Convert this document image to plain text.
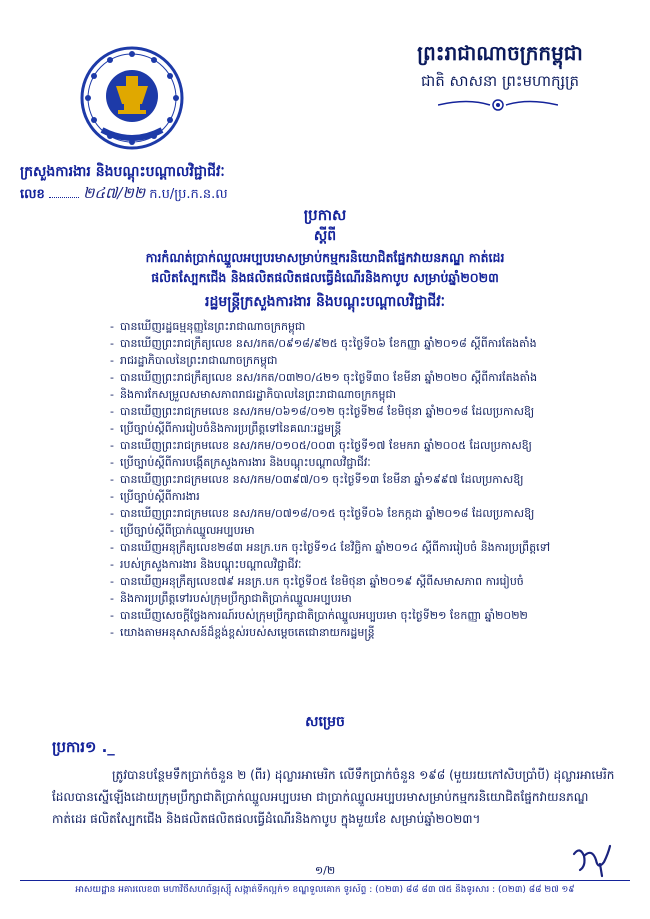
ព្រះរាជាណាចក្រកម្ពុជា
ជាតិ សាសនា ព្រះមហាក្សត្រ
ក្រសួងការងារ និងបណ្តុះបណ្តាលវិជ្ជាជីវៈ
លេខ	២៤៧/២២ ក.ប/ប្រ.ក.ន.ល
ប្រកាស
ស្តីពី
ការកំណត់ប្រាក់ឈ្នួលអប្បបរមាសម្រាប់កម្មករនិយោជិតផ្នែកវាយនភណ្ឌ កាត់ដេរ
ផលិតស្បែកជើង និងផលិតផលិតផលធ្វើដំណើរនិងកាបូប សម្រាប់ឆ្នាំ២០២៣
រដ្ឋមន្ត្រីក្រសួងការងារ និងបណ្តុះបណ្តាលវិជ្ជាជីវៈ
- បានឃើញរដ្ឋធម្មនុញ្ញនៃព្រះរាជាណាចក្រកម្ពុជា
- បានឃើញព្រះរាជក្រឹត្យលេខ នស/រកត/០៩១៨/៩២៥ ចុះថ្ងៃទី០៦ ខែកញ្ញា ឆ្នាំ២០១៨ ស្តីពីការតែងតាំង
- រាជរដ្ឋាភិបាលនៃព្រះរាជាណាចក្រកម្ពុជា
- បានឃើញព្រះរាជក្រឹត្យលេខ នស/រកត/០៣២០/៤២១ ចុះថ្ងៃទី៣០ ខែមីនា ឆ្នាំ២០២០ ស្តីពីការតែងតាំង
- និងការកែសម្រួលសមាសភាពរាជរដ្ឋាភិបាលនៃព្រះរាជាណាចក្រកម្ពុជា
- បានឃើញព្រះរាជក្រមលេខ នស/រកម/០៦១៨/០១២ ចុះថ្ងៃទី២៨ ខែមិថុនា ឆ្នាំ២០១៨ ដែលប្រកាសឱ្យ
- ប្រើច្បាប់ស្តីពីការរៀបចំនិងការប្រព្រឹត្តទៅនៃគណៈរដ្ឋមន្ត្រី
- បានឃើញព្រះរាជក្រមលេខ នស/រកម/០១០៥/០០៣ ចុះថ្ងៃទី១៧ ខែមករា ឆ្នាំ២០០៥ ដែលប្រកាសឱ្យ
- ប្រើច្បាប់ស្តីពីការបង្កើតក្រសួងការងារ និងបណ្តុះបណ្តាលវិជ្ជាជីវៈ
- បានឃើញព្រះរាជក្រមលេខ នស/រកម/០៣៩៧/០១ ចុះថ្ងៃទី១៣ ខែមីនា ឆ្នាំ១៩៩៧ ដែលប្រកាសឱ្យ
- ប្រើច្បាប់ស្តីពីការងារ
- បានឃើញព្រះរាជក្រមលេខ នស/រកម/០៧១៨/០១៥ ចុះថ្ងៃទី០៦ ខែកក្កដា ឆ្នាំ២០១៨ ដែលប្រកាសឱ្យ
- ប្រើច្បាប់ស្តីពីប្រាក់ឈ្នួលអប្បបរមា
- បានឃើញអនុក្រឹត្យលេខ២៨៣ អនក្រ.បក ចុះថ្ងៃទី១៤ ខែវិច្ឆិកា ឆ្នាំ២០១៤ ស្តីពីការរៀបចំ និងការប្រព្រឹត្តទៅ
- របស់ក្រសួងការងារ និងបណ្តុះបណ្តាលវិជ្ជាជីវៈ
- បានឃើញអនុក្រឹត្យលេខ៧៩ អនក្រ.បក ចុះថ្ងៃទី០៥ ខែមិថុនា ឆ្នាំ២០១៩ ស្តីពីសមាសភាព ការរៀបចំ
- និងការប្រព្រឹត្តទៅរបស់ក្រុមប្រឹក្សាជាតិប្រាក់ឈ្នួលអប្បបរមា
- បានឃើញសេចក្តីថ្លែងការណ៍របស់ក្រុមប្រឹក្សាជាតិប្រាក់ឈ្នួលអប្បបរមា ចុះថ្ងៃទី២១ ខែកញ្ញា ឆ្នាំ២០២២
- យោងតាមអនុសាសន៍ដ៏ខ្ពង់ខ្ពស់របស់សម្តេចតេជោនាយករដ្ឋមន្ត្រី
សម្រេច
ប្រការ១ ._
ត្រូវបានបន្ថែមទឹកប្រាក់ចំនួន ២ (ពីរ) ដុល្លារអាមេរិក លើទឹកប្រាក់ចំនួន ១៩៨ (មួយរយកៅសិបប្រាំបី) ដុល្លារអាមេរិក ដែលបានស្នើឡើងដោយក្រុមប្រឹក្សាជាតិប្រាក់ឈ្នួលអប្បបរមា ជាប្រាក់ឈ្នួលអប្បបរមាសម្រាប់កម្មករនិយោជិតផ្នែកវាយនភណ្ឌ កាត់ដេរ ផលិតស្បែកជើង និងផលិតផលិតផលធ្វើដំណើរនិងកាបូប ក្នុងមួយខែ សម្រាប់ឆ្នាំ២០២៣។
១/២
អាសយដ្ឋាន អគារលេខ៣ មហាវិថីសហព័ន្ធរុស្ស៊ី សង្កាត់ទឹកល្អក់១ ខណ្ឌទួលគោក ទូរស័ព្ទ : (០២៣) ៨៨ ៨៣ ៧៥ និងទូរសារ : (០២៣) ៨៨ ២៧ ១៩
